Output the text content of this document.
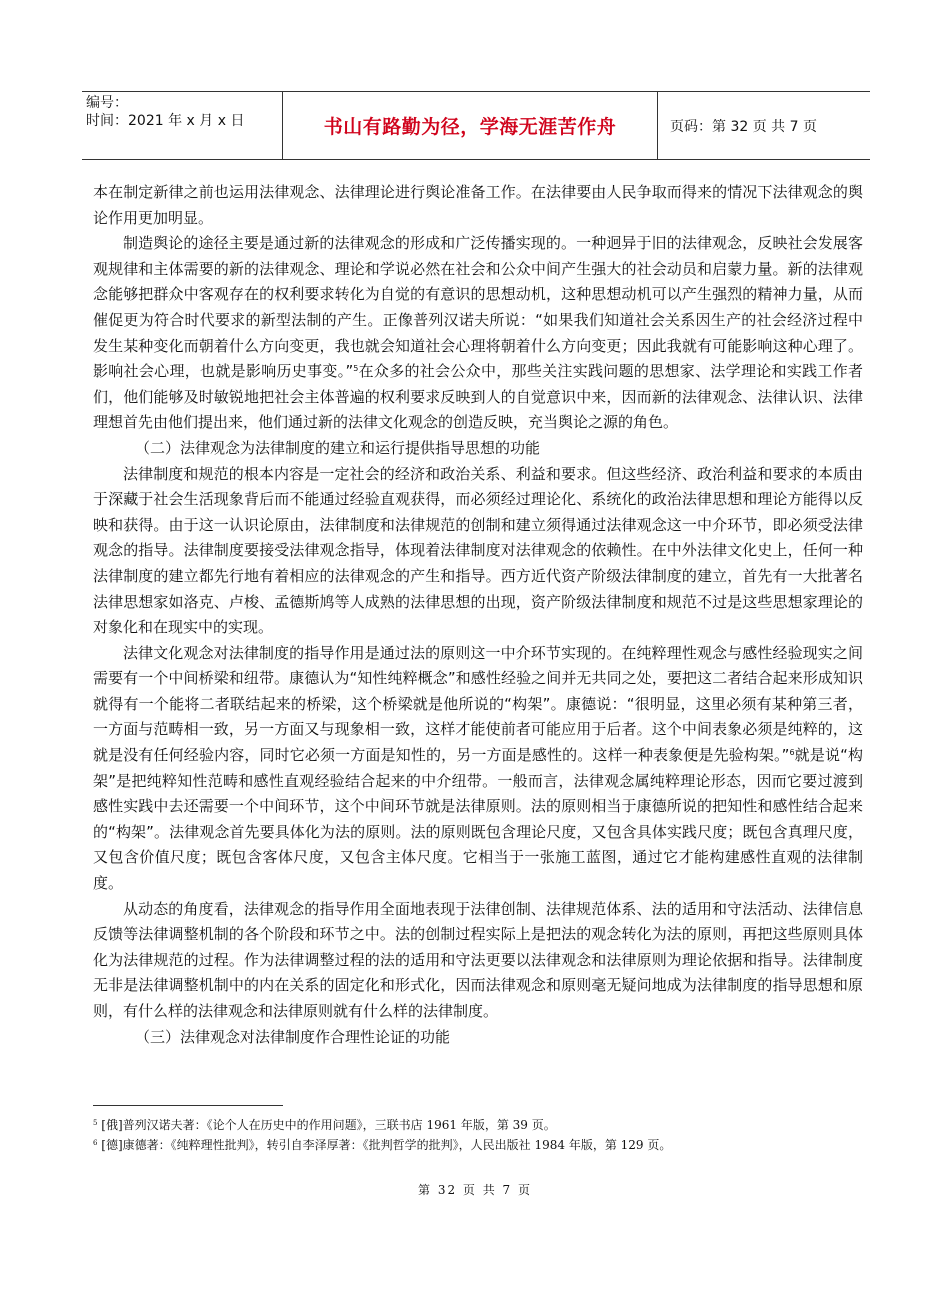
编号：
时间：2021 年 x 月 x 日	书山有路勤为径，学海无涯苦作舟	页码：第 32 页 共 7 页

本在制定新律之前也运用法律观念、法律理论进行舆论准备工作。在法律要由人民争取而得来的情况下法律观念的舆论作用更加明显。

制造舆论的途径主要是通过新的法律观念的形成和广泛传播实现的。一种迥异于旧的法律观念，反映社会发展客观规律和主体需要的新的法律观念、理论和学说必然在社会和公众中间产生强大的社会动员和启蒙力量。新的法律观念能够把群众中客观存在的权利要求转化为自觉的有意识的思想动机，这种思想动机可以产生强烈的精神力量，从而催促更为符合时代要求的新型法制的产生。正像普列汉诺夫所说：“如果我们知道社会关系因生产的社会经济过程中发生某种变化而朝着什么方向变更，我也就会知道社会心理将朝着什么方向变更；因此我就有可能影响这种心理了。影响社会心理，也就是影响历史事变。”$^5$在众多的社会公众中，那些关注实践问题的思想家、法学理论和实践工作者们，他们能够及时敏锐地把社会主体普遍的权利要求反映到人的自觉意识中来，因而新的法律观念、法律认识、法律理想首先由他们提出来，他们通过新的法律文化观念的创造反映，充当舆论之源的角色。

（二）法律观念为法律制度的建立和运行提供指导思想的功能

法律制度和规范的根本内容是一定社会的经济和政治关系、利益和要求。但这些经济、政治利益和要求的本质由于深藏于社会生活现象背后而不能通过经验直观获得，而必须经过理论化、系统化的政治法律思想和理论方能得以反映和获得。由于这一认识论原由，法律制度和法律规范的创制和建立须得通过法律观念这一中介环节，即必须受法律观念的指导。法律制度要接受法律观念指导，体现着法律制度对法律观念的依赖性。在中外法律文化史上，任何一种法律制度的建立都先行地有着相应的法律观念的产生和指导。西方近代资产阶级法律制度的建立，首先有一大批著名法律思想家如洛克、卢梭、孟德斯鸠等人成熟的法律思想的出现，资产阶级法律制度和规范不过是这些思想家理论的对象化和在现实中的实现。

法律文化观念对法律制度的指导作用是通过法的原则这一中介环节实现的。在纯粹理性观念与感性经验现实之间需要有一个中间桥梁和纽带。康德认为“知性纯粹概念”和感性经验之间并无共同之处，要把这二者结合起来形成知识就得有一个能将二者联结起来的桥梁，这个桥梁就是他所说的“构架”。康德说：“很明显，这里必须有某种第三者，一方面与范畴相一致，另一方面又与现象相一致，这样才能使前者可能应用于后者。这个中间表象必须是纯粹的，这就是没有任何经验内容，同时它必须一方面是知性的，另一方面是感性的。这样一种表象便是先验构架。”$^6$就是说“构架”是把纯粹知性范畴和感性直观经验结合起来的中介纽带。一般而言，法律观念属纯粹理论形态，因而它要过渡到感性实践中去还需要一个中间环节，这个中间环节就是法律原则。法的原则相当于康德所说的把知性和感性结合起来的“构架”。法律观念首先要具体化为法的原则。法的原则既包含理论尺度，又包含具体实践尺度；既包含真理尺度，又包含价值尺度；既包含客体尺度，又包含主体尺度。它相当于一张施工蓝图，通过它才能构建感性直观的法律制度。

从动态的角度看，法律观念的指导作用全面地表现于法律创制、法律规范体系、法的适用和守法活动、法律信息反馈等法律调整机制的各个阶段和环节之中。法的创制过程实际上是把法的观念转化为法的原则，再把这些原则具体化为法律规范的过程。作为法律调整过程的法的适用和守法更要以法律观念和法律原则为理论依据和指导。法律制度无非是法律调整机制中的内在关系的固定化和形式化，因而法律观念和原则毫无疑问地成为法律制度的指导思想和原则，有什么样的法律观念和法律原则就有什么样的法律制度。

（三）法律观念对法律制度作合理性论证的功能

$^5$ [俄]普列汉诺夫著：《论个人在历史中的作用问题》，三联书店 1961 年版，第 39 页。
$^6$ [德]康德著：《纯粹理性批判》，转引自李泽厚著：《批判哲学的批判》，人民出版社 1984 年版，第 129 页。
第 32 页 共 7 页
